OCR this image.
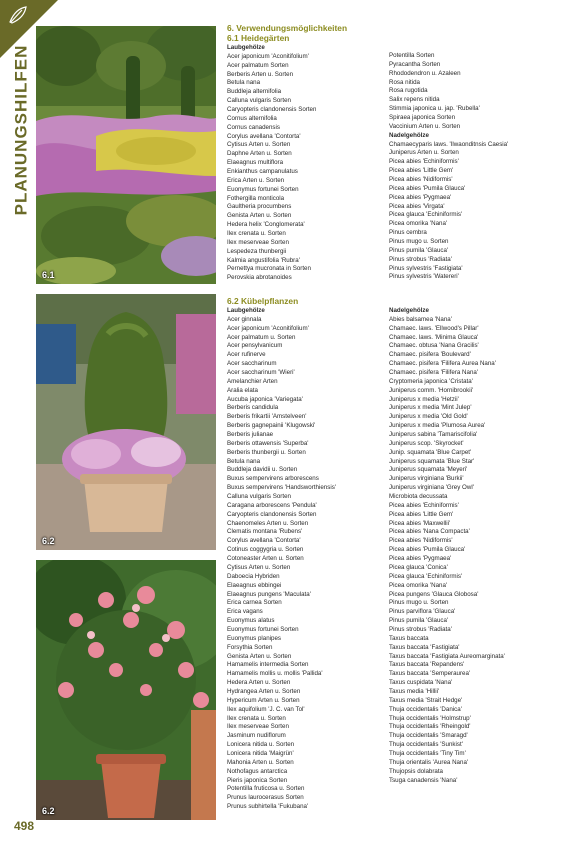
PLANUNGSHILFEN
6.1
6.2
6.2
498
6. Verwendungsmöglichkeiten
6.1 Heidegärten
Laubgehölze
Acer japonicum 'Aconitifolium'
Acer palmatum Sorten
Berberis Arten u. Sorten
Betula nana
Buddleja alternifolia
Calluna vulgaris Sorten
Caryopteris clandonensis Sorten
Cornus alternifolia
Cornus canadensis
Corylus avellana 'Contorta'
Cytisus Arten u. Sorten
Daphne Arten u. Sorten
Elaeagnus multiflora
Enkianthus campanulatus
Erica Arten u. Sorten
Euonymus fortunei Sorten
Fothergilla monticola
Gaultheria procumbens
Genista Arten u. Sorten
Hedera helix 'Conglomerata'
Ilex crenata u. Sorten
Ilex meserveae Sorten
Lespedeza thunbergii
Kalmia angustifolia 'Rubra'
Pernettya mucronata in Sorten
Perovskia abrotanoides
Potentilla Sorten
Pyracantha Sorten
Rhododendron u. Azaleen
Rosa nitida
Rosa rugotida
Salix repens nitida
Stimmia japonica u. jap. 'Rubella'
Spiraea japonica Sorten
Vaccinium Arten u. Sorten
Nadelgehölze
Chamaecyparis laws. 'Ilwaonditnsis Caesia'
Juniperus Arten u. Sorten
Picea abies 'Echiniformis'
Picea abies 'Little Gem'
Picea abies 'Nidiformis'
Picea abies 'Pumila Glauca'
Picea abies 'Pygmaea'
Picea abies 'Virgata'
Picea glauca 'Echiniformis'
Picea omorika 'Nana'
Pinus cembra
Pinus mugo u. Sorten
Pinus pumila 'Glauca'
Pinus strobus 'Radiata'
Pinus sylvestris 'Fastigiata'
Pinus sylvestris 'Watereri'
6.2 Kübelpflanzen
Laubgehölze
Acer ginnala
Acer japonicum 'Aconitifolium'
Acer palmatum u. Sorten
Acer pensylvanicum
Acer rufinerve
Acer saccharinum
Acer saccharinum 'Wieri'
Amelanchier Arten
Aralia elata
Aucuba japonica 'Variegata'
Berberis candidula
Berberis frikartii 'Amstelveen'
Berberis gagnepainii 'Klugowski'
Berberis julianae
Berberis ottawensis 'Superba'
Berberis thunbergii u. Sorten
Betula nana
Buddleja davidii u. Sorten
Buxus sempervirens arborescens
Buxus sempervirens 'Handsworthiensis'
Calluna vulgaris Sorten
Caragana arborescens 'Pendula'
Caryopteris clandonensis Sorten
Chaenomeles Arten u. Sorten
Clematis montana 'Rubens'
Corylus avellana 'Contorta'
Cotinus coggygria u. Sorten
Cotoneaster Arten u. Sorten
Cytisus Arten u. Sorten
Daboecia Hybriden
Elaeagnus ebbingei
Elaeagnus pungens 'Maculata'
Erica carnea Sorten
Erica vagans
Euonymus alatus
Euonymus fortunei Sorten
Euonymus planipes
Forsythia Sorten
Genista Arten u. Sorten
Hamamelis intermedia Sorten
Hamamelis mollis u. mollis 'Pallida'
Hedera Arten u. Sorten
Hydrangea Arten u. Sorten
Hypericum Arten u. Sorten
Ilex aquifolium 'J. C. van Tol'
Ilex crenata u. Sorten
Ilex meserveae Sorten
Jasminum nudiflorum
Lonicera nitida u. Sorten
Lonicera nitida 'Maigrün'
Mahonia Arten u. Sorten
Nothofagus antarctica
Pieris japonica Sorten
Potentilla fruticosa u. Sorten
Prunus laurocerasus Sorten
Prunus subhirtella 'Fukubana'
Nadelgehölze
Abies balsamea 'Nana'
Chamaec. laws. 'Ellwood's Pillar'
Chamaec. laws. 'Minima Glauca'
Chamaec. obtusa 'Nana Gracilis'
Chamaec. pisifera 'Boulevard'
Chamaec. pisifera 'Filifera Aurea Nana'
Chamaec. pisifera 'Filifera Nana'
Cryptomeria japonica 'Cristata'
Juniperus comm. 'Hornibrookii'
Juniperus x media 'Hetzii'
Juniperus x media 'Mint Julep'
Juniperus x media 'Old Gold'
Juniperus x media 'Plumosa Aurea'
Juniperus sabina 'Tamariscifolia'
Juniperus scop. 'Skyrocket'
Junip. squamata 'Blue Carpet'
Juniperus squamata 'Blue Star'
Juniperus squamata 'Meyeri'
Juniperus virginiana 'Burkii'
Juniperus virginiana 'Grey Owl'
Microbiota decussata
Picea abies 'Echiniformis'
Picea abies 'Little Gem'
Picea abies 'Maxwellii'
Picea abies 'Nana Compacta'
Picea abies 'Nidiformis'
Picea abies 'Pumila Glauca'
Picea abies 'Pygmaea'
Picea glauca 'Conica'
Picea glauca 'Echiniformis'
Picea omorika 'Nana'
Picea pungens 'Glauca Globosa'
Pinus mugo u. Sorten
Pinus parviflora 'Glauca'
Pinus pumila 'Glauca'
Pinus strobus 'Radiata'
Taxus baccata
Taxus baccata 'Fastigiata'
Taxus baccata 'Fastigiata Aureomarginata'
Taxus baccata 'Repandens'
Taxus baccata 'Semperaurea'
Taxus cuspidata 'Nana'
Taxus media 'Hillii'
Taxus media 'Strait Hedge'
Thuja occidentalis 'Danica'
Thuja occidentalis 'Holmstrup'
Thuja occidentalis 'Rheingold'
Thuja occidentalis 'Smaragd'
Thuja occidentalis 'Sunkist'
Thuja occidentalis 'Tiny Tim'
Thuja orientalis 'Aurea Nana'
Thujopsis dolabrata
Tsuga canadensis 'Nana'
